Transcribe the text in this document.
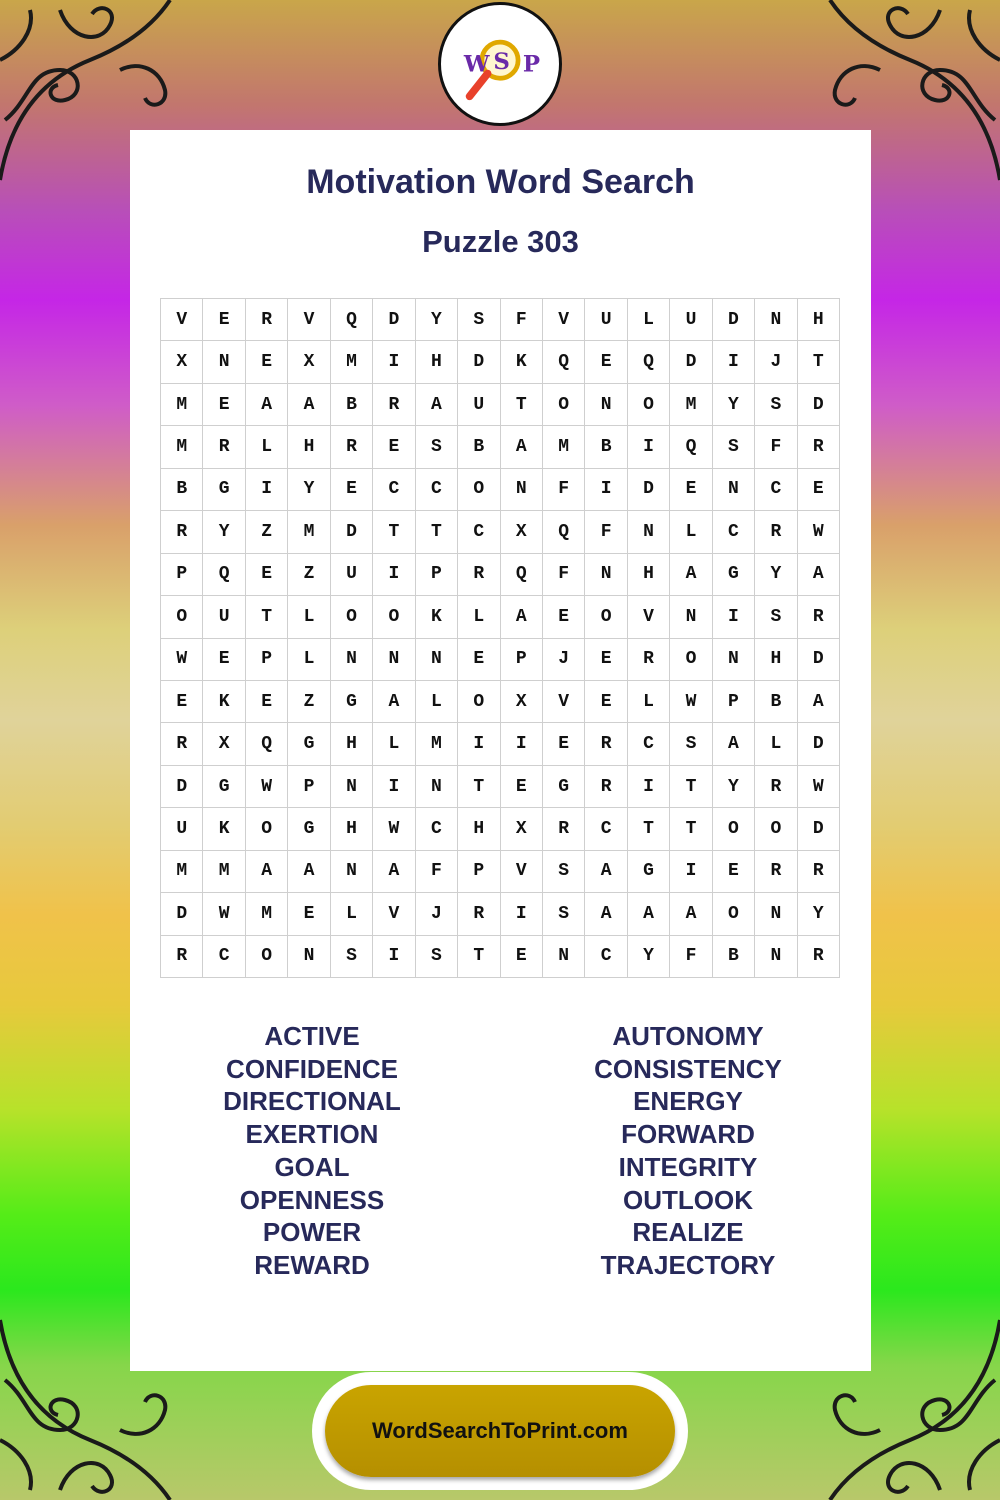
W S P
Motivation Word Search
Puzzle 303
V	E	R	V	Q	D	Y	S	F	V	U	L	U	D	N	H
X	N	E	X	M	I	H	D	K	Q	E	Q	D	I	J	T
M	E	A	A	B	R	A	U	T	O	N	O	M	Y	S	D
M	R	L	H	R	E	S	B	A	M	B	I	Q	S	F	R
B	G	I	Y	E	C	C	O	N	F	I	D	E	N	C	E
R	Y	Z	M	D	T	T	C	X	Q	F	N	L	C	R	W
P	Q	E	Z	U	I	P	R	Q	F	N	H	A	G	Y	A
O	U	T	L	O	O	K	L	A	E	O	V	N	I	S	R
W	E	P	L	N	N	N	E	P	J	E	R	O	N	H	D
E	K	E	Z	G	A	L	O	X	V	E	L	W	P	B	A
R	X	Q	G	H	L	M	I	I	E	R	C	S	A	L	D
D	G	W	P	N	I	N	T	E	G	R	I	T	Y	R	W
U	K	O	G	H	W	C	H	X	R	C	T	T	O	O	D
M	M	A	A	N	A	F	P	V	S	A	G	I	E	R	R
D	W	M	E	L	V	J	R	I	S	A	A	A	O	N	Y
R	C	O	N	S	I	S	T	E	N	C	Y	F	B	N	R
ACTIVE
CONFIDENCE
DIRECTIONAL
EXERTION
GOAL
OPENNESS
POWER
REWARD
AUTONOMY
CONSISTENCY
ENERGY
FORWARD
INTEGRITY
OUTLOOK
REALIZE
TRAJECTORY
WordSearchToPrint.com
